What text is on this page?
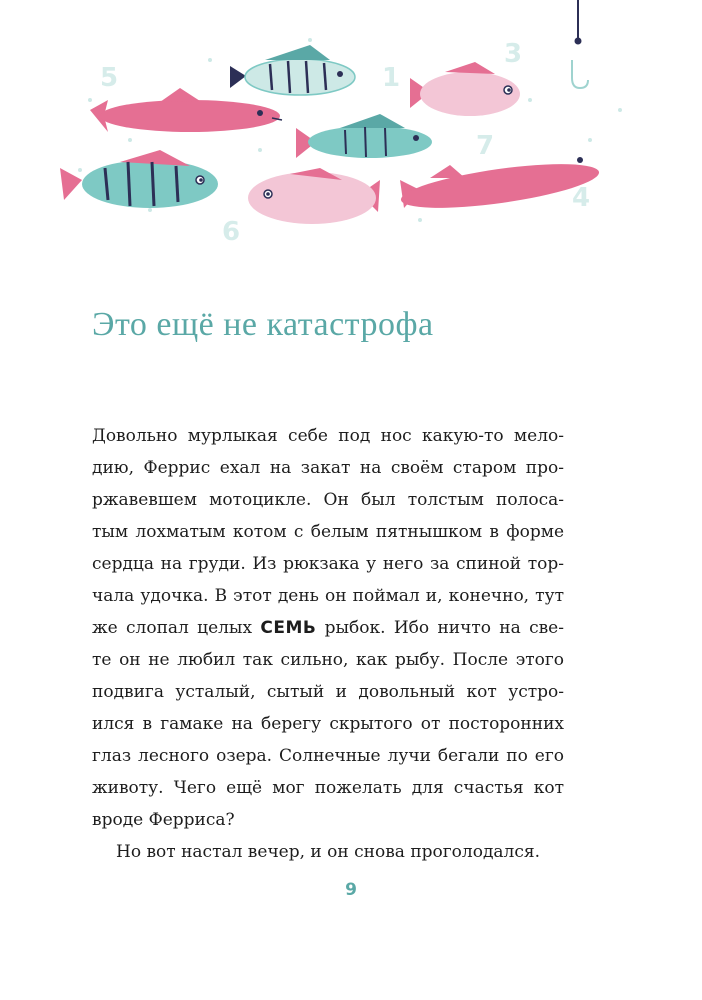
5	1
3
7
6
4
Это ещё не катастрофа
Довольно мурлыкая себе под нос какую-то мело-
дию, Феррис ехал на закат на своём старом про-
ржавевшем мотоцикле. Он был толстым полоса-
тым лохматым котом с белым пятнышком в форме
сердца на груди. Из рюкзака у него за спиной тор-
чала удочка. В этот день он поймал и, конечно, тут
же слопал целых СЕМЬ рыбок. Ибо ничто на све-
те он не любил так сильно, как рыбу. После этого
подвига усталый, сытый и довольный кот устро-
ился в гамаке на берегу скрытого от посторонних
глаз лесного озера. Солнечные лучи бегали по его
животу. Чего ещё мог пожелать для счастья кот
вроде Ферриса?
Но вот настал вечер, и он снова проголодался.
9
